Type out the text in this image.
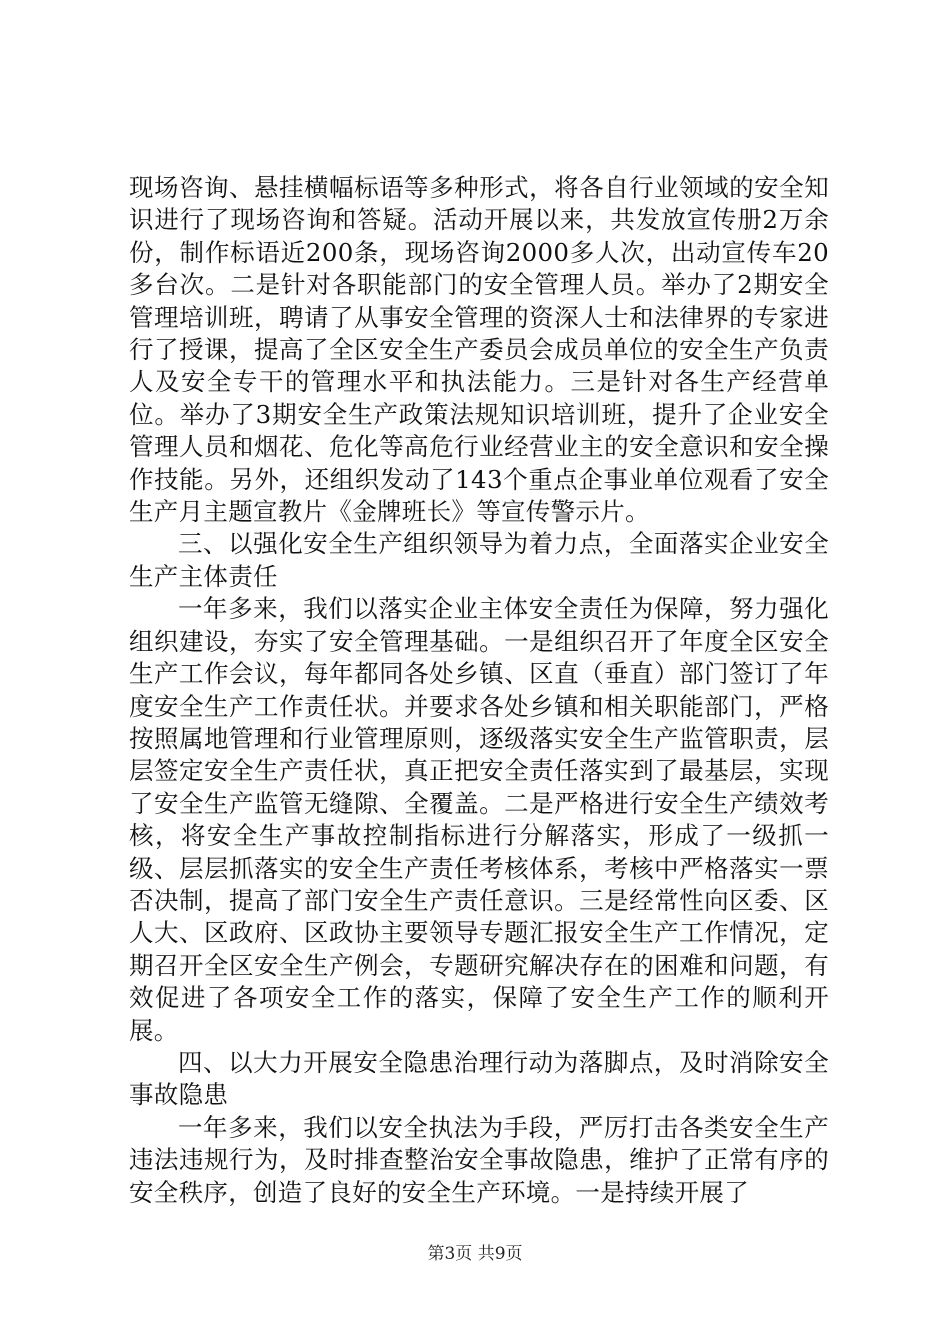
现场咨询、悬挂横幅标语等多种形式，将各自行业领域的安全知识进行了现场咨询和答疑。活动开展以来，共发放宣传册2万余份，制作标语近200条，现场咨询2000多人次，出动宣传车20多台次。二是针对各职能部门的安全管理人员。举办了2期安全管理培训班，聘请了从事安全管理的资深人士和法律界的专家进行了授课，提高了全区安全生产委员会成员单位的安全生产负责人及安全专干的管理水平和执法能力。三是针对各生产经营单位。举办了3期安全生产政策法规知识培训班，提升了企业安全管理人员和烟花、危化等高危行业经营业主的安全意识和安全操作技能。另外，还组织发动了143个重点企事业单位观看了安全生产月主题宣教片《金牌班长》等宣传警示片。

三、以强化安全生产组织领导为着力点，全面落实企业安全生产主体责任

一年多来，我们以落实企业主体安全责任为保障，努力强化组织建设，夯实了安全管理基础。一是组织召开了年度全区安全生产工作会议，每年都同各处乡镇、区直（垂直）部门签订了年度安全生产工作责任状。并要求各处乡镇和相关职能部门，严格按照属地管理和行业管理原则，逐级落实安全生产监管职责，层层签定安全生产责任状，真正把安全责任落实到了最基层，实现了安全生产监管无缝隙、全覆盖。二是严格进行安全生产绩效考核，将安全生产事故控制指标进行分解落实，形成了一级抓一级、层层抓落实的安全生产责任考核体系，考核中严格落实一票否决制，提高了部门安全生产责任意识。三是经常性向区委、区人大、区政府、区政协主要领导专题汇报安全生产工作情况，定期召开全区安全生产例会，专题研究解决存在的困难和问题，有效促进了各项安全工作的落实，保障了安全生产工作的顺利开展。

四、以大力开展安全隐患治理行动为落脚点，及时消除安全事故隐患

一年多来，我们以安全执法为手段，严厉打击各类安全生产违法违规行为，及时排查整治安全事故隐患，维护了正常有序的安全秩序，创造了良好的安全生产环境。一是持续开展了

第3页 共9页
